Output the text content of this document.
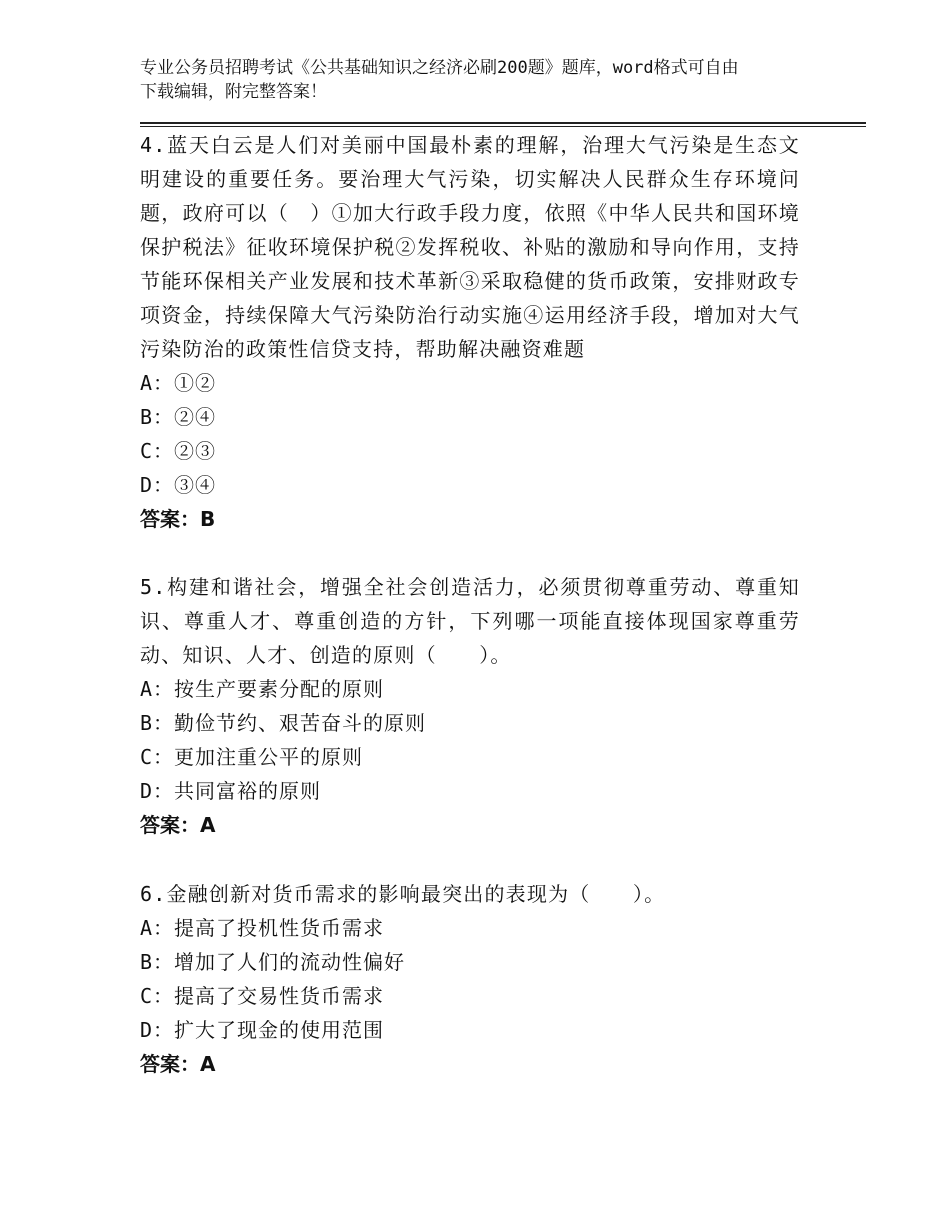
专业公务员招聘考试《公共基础知识之经济必刷200题》题库，word格式可自由
下载编辑，附完整答案！
4.蓝天白云是人们对美丽中国最朴素的理解，治理大气污染是生态文明建设的重要任务。要治理大气污染，切实解决人民群众生存环境问题，政府可以（　）①加大行政手段力度，依照《中华人民共和国环境保护税法》征收环境保护税②发挥税收、补贴的激励和导向作用，支持节能环保相关产业发展和技术革新③采取稳健的货币政策，安排财政专项资金，持续保障大气污染防治行动实施④运用经济手段，增加对大气污染防治的政策性信贷支持，帮助解决融资难题
A：①②
B：②④
C：②③
D：③④
答案：B
5.构建和谐社会，增强全社会创造活力，必须贯彻尊重劳动、尊重知识、尊重人才、尊重创造的方针，下列哪一项能直接体现国家尊重劳动、知识、人才、创造的原则（　　）。
A：按生产要素分配的原则
B：勤俭节约、艰苦奋斗的原则
C：更加注重公平的原则
D：共同富裕的原则
答案：A
6.金融创新对货币需求的影响最突出的表现为（　　）。
A：提高了投机性货币需求
B：增加了人们的流动性偏好
C：提高了交易性货币需求
D：扩大了现金的使用范围
答案：A
